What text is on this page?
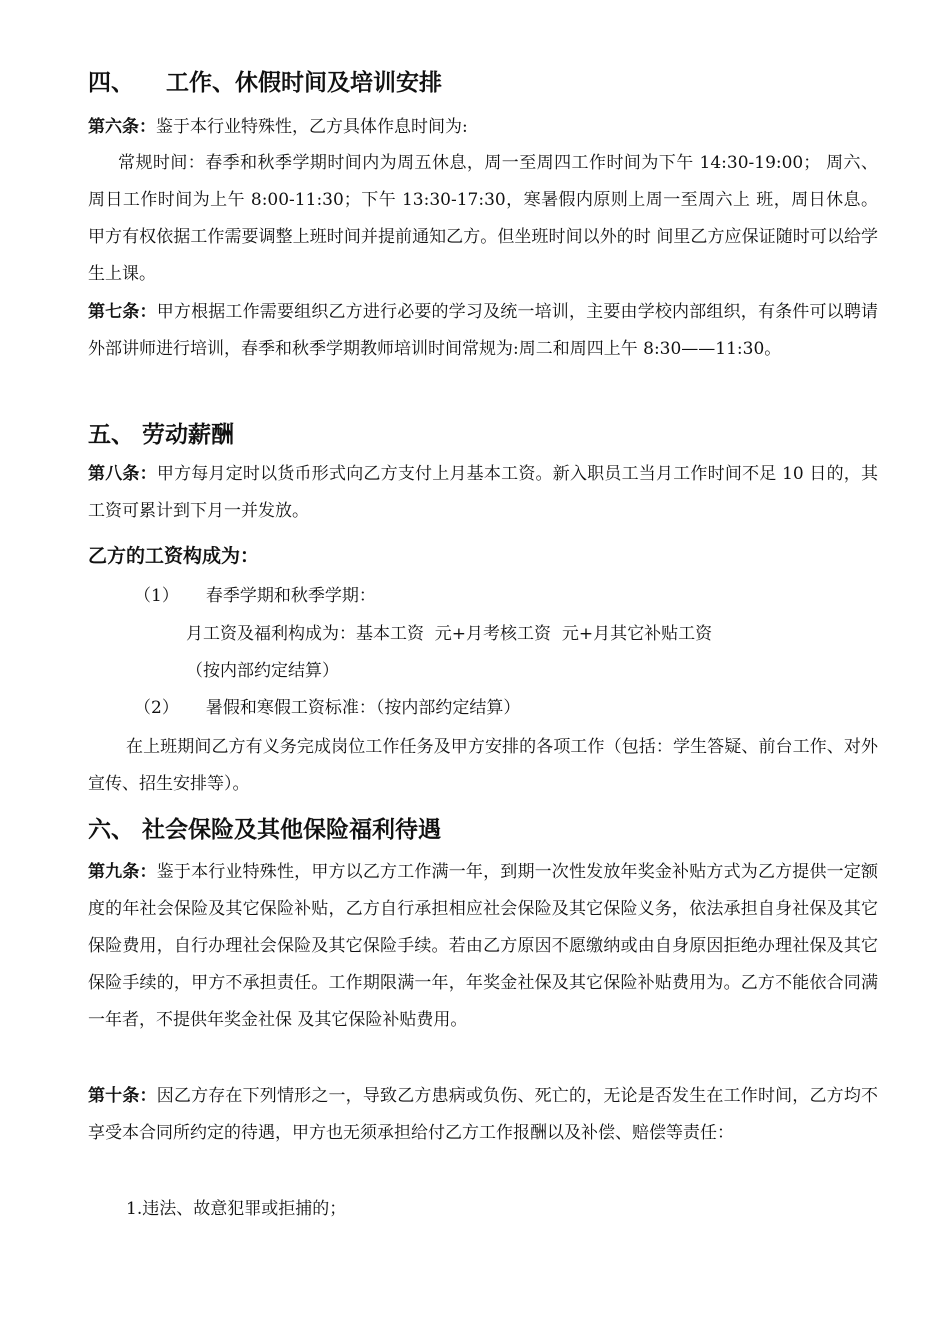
四、    工作、休假时间及培训安排
第六条：鉴于本行业特殊性，乙方具体作息时间为:
常规时间：春季和秋季学期时间内为周五休息，周一至周四工作时间为下午 14:30-19:00； 周六、周日工作时间为上午 8:00-11:30；下午 13:30-17:30，寒暑假内原则上周一至周六上 班，周日休息。甲方有权依据工作需要调整上班时间并提前通知乙方。但坐班时间以外的时 间里乙方应保证随时可以给学生上课。
第七条：甲方根据工作需要组织乙方进行必要的学习及统一培训，主要由学校内部组织，有条件可以聘请外部讲师进行培训，春季和秋季学期教师培训时间常规为:周二和周四上午 8:30——11:30。
五、 劳动薪酬
第八条：甲方每月定时以货币形式向乙方支付上月基本工资。新入职员工当月工作时间不足 10 日的，其工资可累计到下月一并发放。
乙方的工资构成为：
（1）     春季学期和秋季学期：
月工资及福利构成为：基本工资  元+月考核工资  元+月其它补贴工资
（按内部约定结算）
（2）     暑假和寒假工资标准：（按内部约定结算）
在上班期间乙方有义务完成岗位工作任务及甲方安排的各项工作（包括：学生答疑、前台工作、对外宣传、招生安排等）。
六、 社会保险及其他保险福利待遇
第九条：鉴于本行业特殊性，甲方以乙方工作满一年，到期一次性发放年奖金补贴方式为乙方提供一定额度的年社会保险及其它保险补贴，乙方自行承担相应社会保险及其它保险义务，依法承担自身社保及其它保险费用，自行办理社会保险及其它保险手续。若由乙方原因不愿缴纳或由自身原因拒绝办理社保及其它保险手续的，甲方不承担责任。工作期限满一年，年奖金社保及其它保险补贴费用为。乙方不能依合同满一年者，不提供年奖金社保 及其它保险补贴费用。
第十条：因乙方存在下列情形之一，导致乙方患病或负伤、死亡的，无论是否发生在工作时间，乙方均不享受本合同所约定的待遇，甲方也无须承担给付乙方工作报酬以及补偿、赔偿等责任：
1.违法、故意犯罪或拒捕的；
